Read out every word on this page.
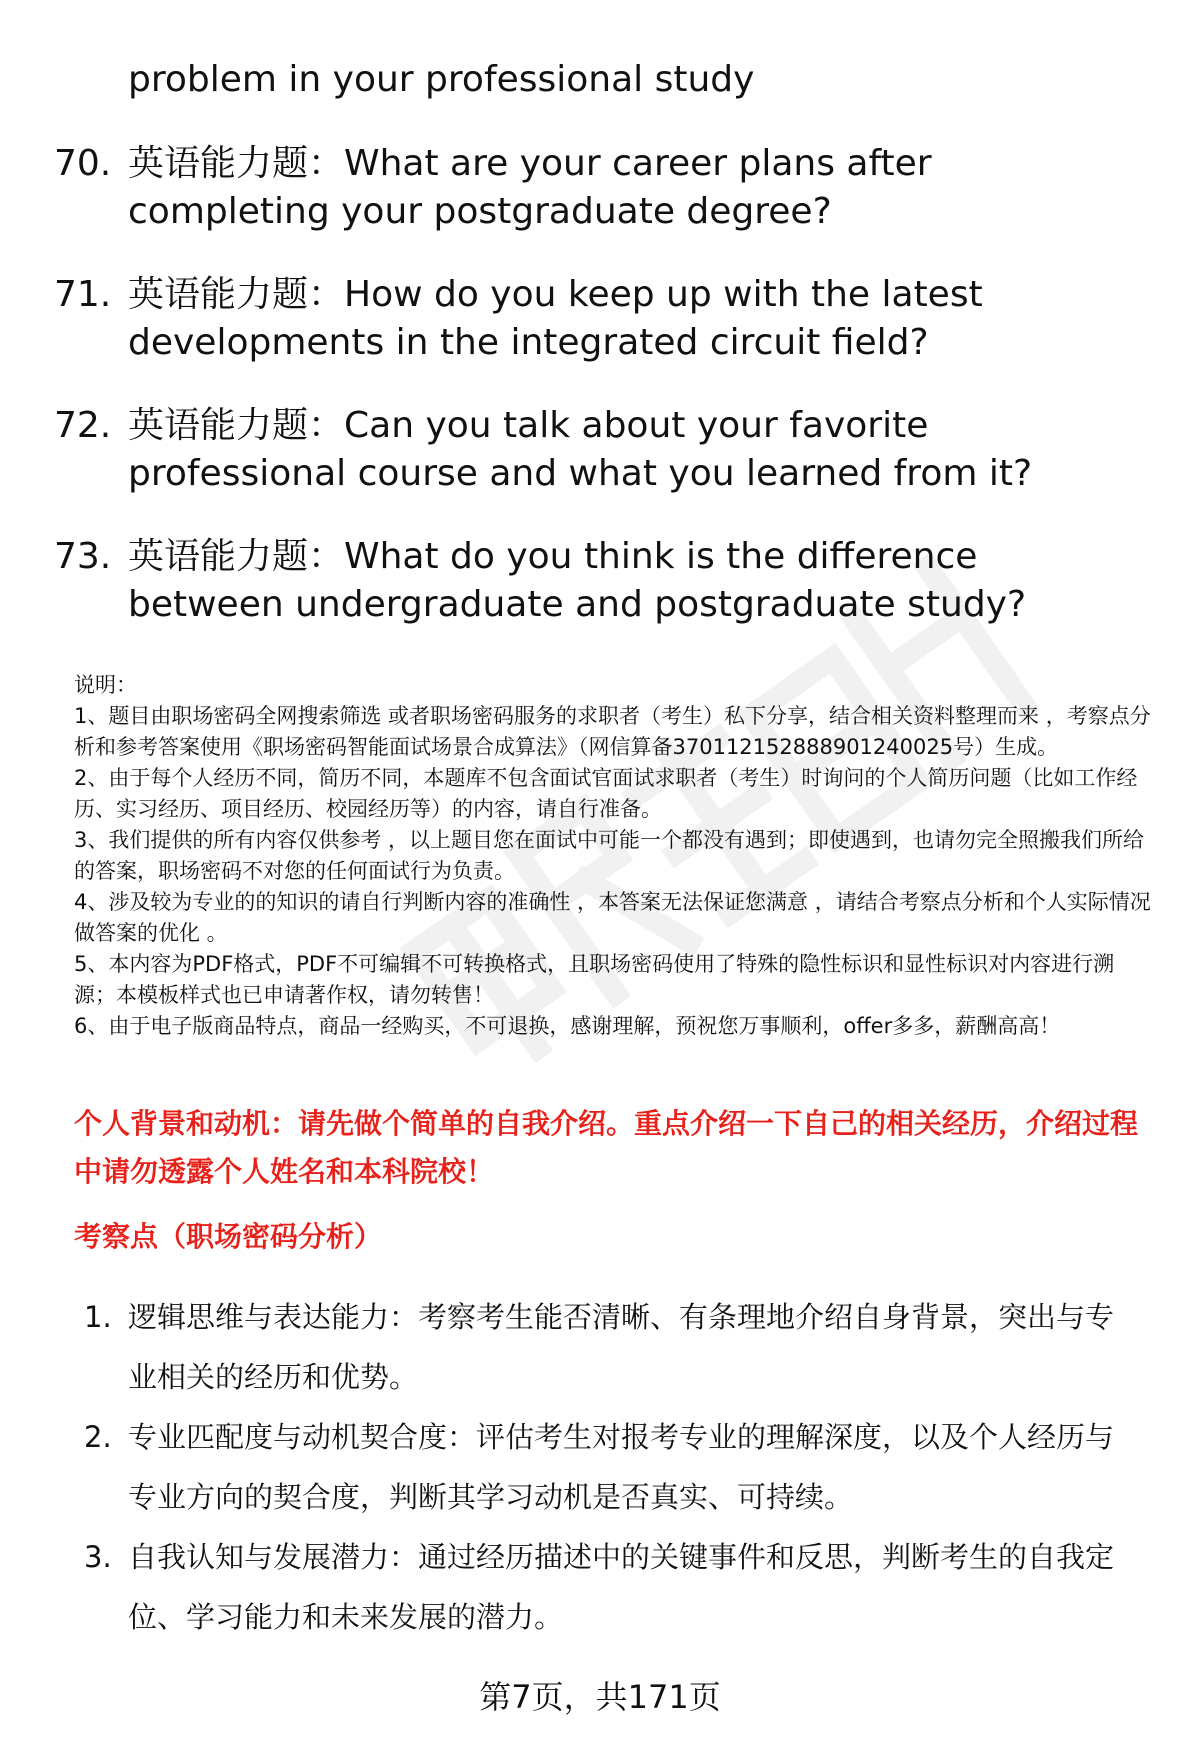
problem in your professional study

70. 英语能力题：What are your career plans after completing your postgraduate degree?
71. 英语能力题：How do you keep up with the latest developments in the integrated circuit field?
72. 英语能力题：Can you talk about your favorite professional course and what you learned from it?
73. 英语能力题：What do you think is the difference between undergraduate and postgraduate study?

说明：

1、题目由职场密码全网搜索筛选 或者职场密码服务的求职者（考生）私下分享，结合相关资料整理而来 ，考察点分析和参考答案使用《职场密码智能面试场景合成算法》（网信算备370112152888901240025号）生成。

2、由于每个人经历不同，简历不同，本题库不包含面试官面试求职者（考生）时询问的个人简历问题（比如工作经历、实习经历、项目经历、校园经历等）的内容，请自行准备。

3、我们提供的所有内容仅供参考 ，以上题目您在面试中可能一个都没有遇到；即使遇到，也请勿完全照搬我们所给的答案，职场密码不对您的任何面试行为负责。

4、涉及较为专业的的知识的请自行判断内容的准确性 ，本答案无法保证您满意 ，请结合考察点分析和个人实际情况做答案的优化 。

5、本内容为PDF格式，PDF不可编辑不可转换格式，且职场密码使用了特殊的隐性标识和显性标识对内容进行溯源；本模板样式也已申请著作权，请勿转售！

6、由于电子版商品特点，商品一经购买，不可退换，感谢理解，预祝您万事顺利，offer多多，薪酬高高！

个人背景和动机：请先做个简单的自我介绍。重点介绍一下自己的相关经历，介绍过程中请勿透露个人姓名和本科院校！
考察点（职场密码分析）
1. 逻辑思维与表达能力：考察考生能否清晰、有条理地介绍自身背景，突出与专业相关的经历和优势。
2. 专业匹配度与动机契合度：评估考生对报考专业的理解深度，以及个人经历与专业方向的契合度，判断其学习动机是否真实、可持续。
3. 自我认知与发展潜力：通过经历描述中的关键事件和反思，判断考生的自我定位、学习能力和未来发展的潜力。

第7页，共171页
